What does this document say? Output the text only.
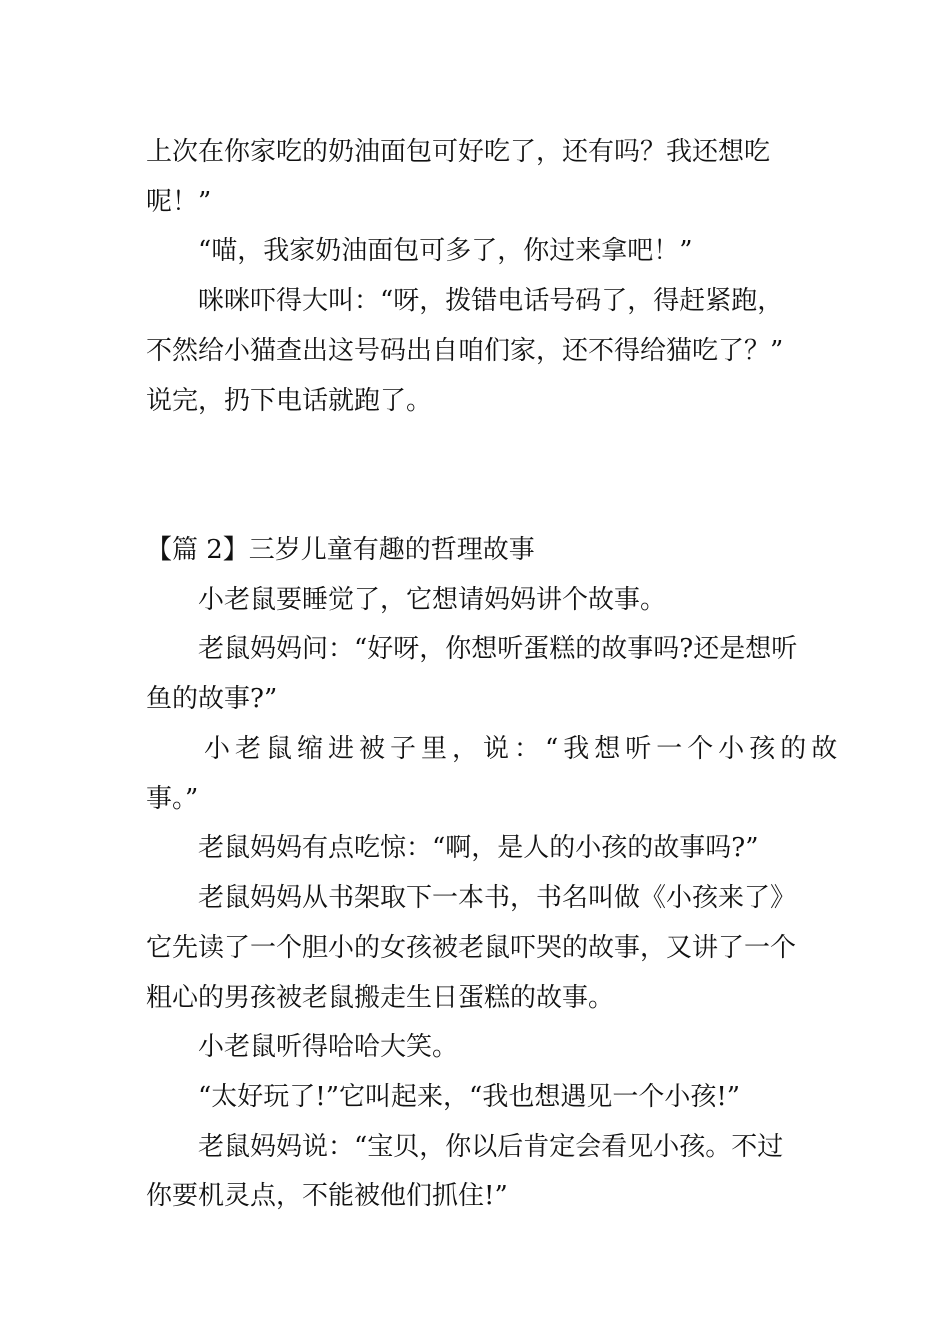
上次在你家吃的奶油面包可好吃了，还有吗？我还想吃
呢！”
“喵，我家奶油面包可多了，你过来拿吧！”
咪咪吓得大叫：“呀，拨错电话号码了，得赶紧跑，
不然给小猫查出这号码出自咱们家，还不得给猫吃了？”
说完，扔下电话就跑了。
【篇 2】三岁儿童有趣的哲理故事
小老鼠要睡觉了，它想请妈妈讲个故事。
老鼠妈妈问：“好呀，你想听蛋糕的故事吗?还是想听
鱼的故事?”
小老鼠缩进被子里，说：“我想听一个小孩的故
事。”
老鼠妈妈有点吃惊：“啊，是人的小孩的故事吗?”
老鼠妈妈从书架取下一本书，书名叫做《小孩来了》
它先读了一个胆小的女孩被老鼠吓哭的故事，又讲了一个
粗心的男孩被老鼠搬走生日蛋糕的故事。
小老鼠听得哈哈大笑。
“太好玩了!”它叫起来，“我也想遇见一个小孩!”
老鼠妈妈说：“宝贝，你以后肯定会看见小孩。不过
你要机灵点，不能被他们抓住!”
